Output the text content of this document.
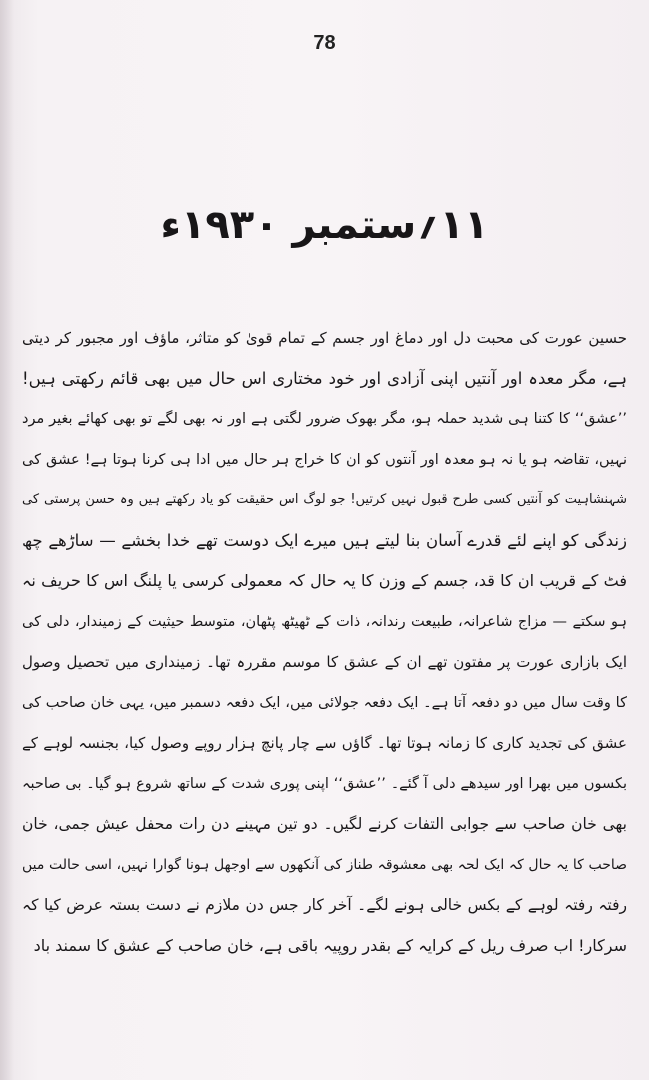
78
۱۱؍ستمبر ۱۹۳۰ء
حسین عورت کی محبت دل اور دماغ اور جسم کے تمام قویٰ کو متاثر، ماؤف اور مجبور کر دیتی
ہے، مگر معدہ اور آنتیں اپنی آزادی اور خود مختاری اس حال میں بھی قائم رکھتی ہیں!
’’عشق‘‘ کا کتنا ہی شدید حملہ ہو، مگر بھوک ضرور لگتی ہے اور نہ بھی لگے تو بھی کھائے بغیر مرد
نہیں، تقاضہ ہو یا نہ ہو معدہ اور آنتوں کو ان کا خراج ہر حال میں ادا ہی کرنا ہوتا ہے! عشق کی
شہنشاہیت کو آنتیں کسی طرح قبول نہیں کرتیں! جو لوگ اس حقیقت کو یاد رکھتے ہیں وہ حسن پرستی کی
زندگی کو اپنے لئے قدرے آسان بنا لیتے ہیں میرے ایک دوست تھے خدا بخشے — ساڑھے چھ
فٹ کے قریب ان کا قد، جسم کے وزن کا یہ حال کہ معمولی کرسی یا پلنگ اس کا حریف نہ
ہو سکتے — مزاج شاعرانہ، طبیعت رندانہ، ذات کے ٹھیٹھ پٹھان، متوسط حیثیت کے زمیندار، دلی کی
ایک بازاری عورت پر مفتون تھے ان کے عشق کا موسم مقررہ تھا۔ زمینداری میں تحصیل وصول
کا وقت سال میں دو دفعہ آتا ہے۔ ایک دفعہ جولائی میں، ایک دفعہ دسمبر میں، یہی خان صاحب کی
عشق کی تجدید کاری کا زمانہ ہوتا تھا۔ گاؤں سے چار پانچ ہزار روپے وصول کیا، بجنسہ لوہے کے
بکسوں میں بھرا اور سیدھے دلی آ گئے۔ ’’عشق‘‘ اپنی پوری شدت کے ساتھ شروع ہو گیا۔ بی صاحبہ
بھی خان صاحب سے جوابی التفات کرنے لگیں۔ دو تین مہینے دن رات محفل عیش جمی، خان
صاحب کا یہ حال کہ ایک لحہ بھی معشوقہ طناز کی آنکھوں سے اوجھل ہونا گوارا نہیں، اسی حالت میں
رفتہ رفتہ لوہے کے بکس خالی ہونے لگے۔ آخر کار جس دن ملازم نے دست بستہ عرض کیا کہ
سرکار! اب صرف ریل کے کرایہ کے بقدر روپیہ باقی ہے، خان صاحب کے عشق کا سمند باد
